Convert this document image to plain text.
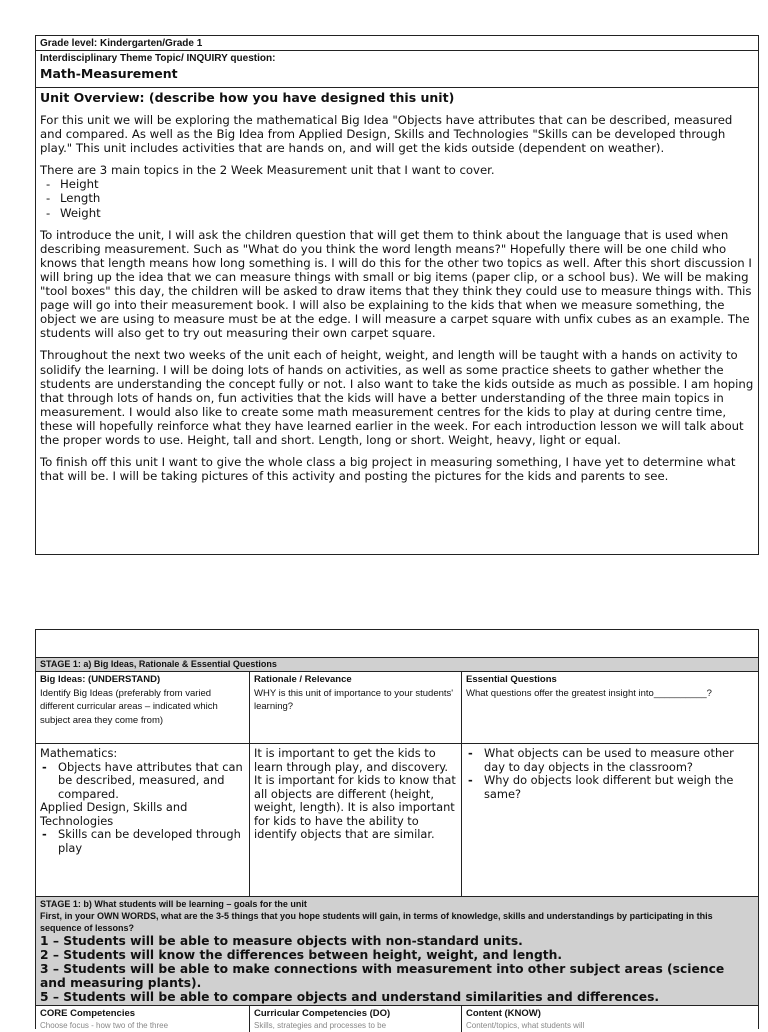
Grade level: Kindergarten/Grade 1
Interdisciplinary Theme Topic/ INQUIRY question:
Math-Measurement
Unit Overview: (describe how you have designed this unit)

For this unit we will be exploring the mathematical Big Idea "Objects have attributes that can be described, measured and compared. As well as the Big Idea from Applied Design, Skills and Technologies "Skills can be developed through play." This unit includes activities that are hands on, and will get the kids outside (dependent on weather).

There are 3 main topics in the 2 Week Measurement unit that I want to cover.

- Height
- Length
- Weight

To introduce the unit, I will ask the children question that will get them to think about the language that is used when describing measurement. Such as "What do you think the word length means?" Hopefully there will be one child who knows that length means how long something is. I will do this for the other two topics as well. After this short discussion I will bring up the idea that we can measure things with small or big items (paper clip, or a school bus). We will be making "tool boxes" this day, the children will be asked to draw items that they think they could use to measure things with. This page will go into their measurement book. I will also be explaining to the kids that when we measure something, the object we are using to measure must be at the edge. I will measure a carpet square with unfix cubes as an example. The students will also get to try out measuring their own carpet square.

Throughout the next two weeks of the unit each of height, weight, and length will be taught with a hands on activity to solidify the learning. I will be doing lots of hands on activities, as well as some practice sheets to gather whether the students are understanding the concept fully or not. I also want to take the kids outside as much as possible. I am hoping that through lots of hands on, fun activities that the kids will have a better understanding of the three main topics in measurement. I would also like to create some math measurement centres for the kids to play at during centre time, these will hopefully reinforce what they have learned earlier in the week. For each introduction lesson we will talk about the proper words to use. Height, tall and short. Length, long or short. Weight, heavy, light or equal.

To finish off this unit I want to give the whole class a big project in measuring something, I have yet to determine what that will be. I will be taking pictures of this activity and posting the pictures for the kids and parents to see.

STAGE 1: a) Big Ideas, Rationale & Essential Questions
Big Ideas: (UNDERSTAND)
Identify Big Ideas (preferably from varied different curricular areas – indicated which subject area they come from)
Rationale / Relevance
WHY is this unit of importance to your students' learning?
Essential Questions
What questions offer the greatest insight into__________?
Mathematics:
- Objects have attributes that can be described, measured, and compared.
Applied Design, Skills and Technologies
- Skills can be developed through play
It is important to get the kids to learn through play, and discovery. It is important for kids to know that all objects are different (height, weight, length). It is also important for kids to have the ability to identify objects that are similar.
- What objects can be used to measure other day to day objects in the classroom?
- Why do objects look different but weigh the same?
STAGE 1: b) What students will be learning – goals for the unit
First, in your OWN WORDS, what are the 3-5 things that you hope students will gain, in terms of knowledge, skills and understandings by participating in this sequence of lessons?
1 – Students will be able to measure objects with non-standard units.
2 – Students will know the differences between height, weight, and length.
3 – Students will be able to make connections with measurement into other subject areas (science and measuring plants).
5 – Students will be able to compare objects and understand similarities and differences.
CORE Competencies
Choose focus - how two of the three
Curricular Competencies (DO)
Skills, strategies and processes to be
Content (KNOW)
Content/topics, what students will
